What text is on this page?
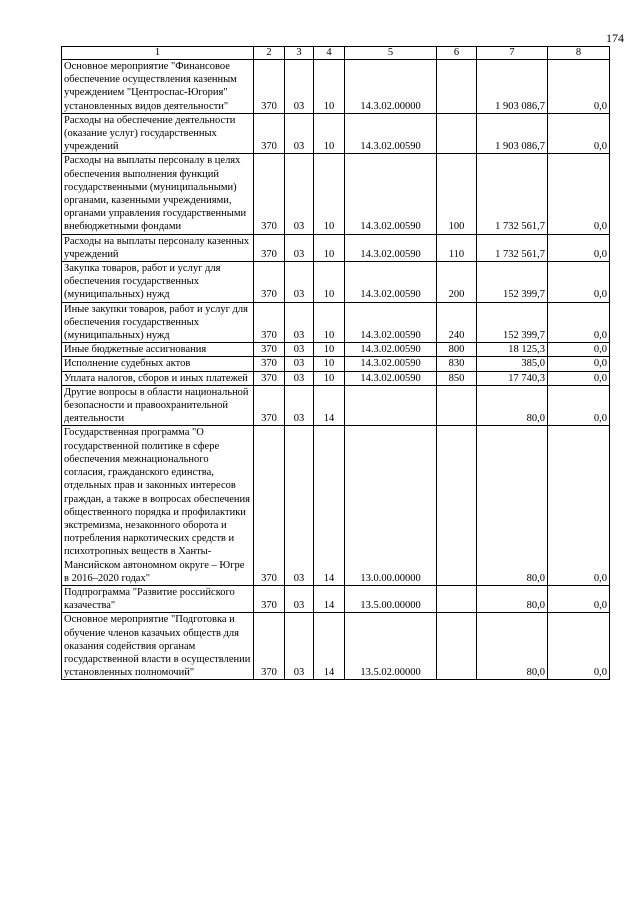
174
1	2	3	4	5	6	7	8
Основное мероприятие "Финансовое обеспечение осуществления казенным учреждением "Центроспас-Югория" установленных видов деятельности"	370	03	10	14.3.02.00000		1 903 086,7	0,0
Расходы на обеспечение деятельности (оказание услуг) государственных учреждений	370	03	10	14.3.02.00590		1 903 086,7	0,0
Расходы на выплаты персоналу в целях обеспечения выполнения функций государственными (муниципальными) органами, казенными учреждениями, органами управления государственными внебюджетными фондами	370	03	10	14.3.02.00590	100	1 732 561,7	0,0
Расходы на выплаты персоналу казенных учреждений	370	03	10	14.3.02.00590	110	1 732 561,7	0,0
Закупка товаров, работ и услуг для обеспечения государственных (муниципальных) нужд	370	03	10	14.3.02.00590	200	152 399,7	0,0
Иные закупки товаров, работ и услуг для обеспечения государственных (муниципальных) нужд	370	03	10	14.3.02.00590	240	152 399,7	0,0
Иные бюджетные ассигнования	370	03	10	14.3.02.00590	800	18 125,3	0,0
Исполнение судебных актов	370	03	10	14.3.02.00590	830	385,0	0,0
Уплата налогов, сборов и иных платежей	370	03	10	14.3.02.00590	850	17 740,3	0,0
Другие вопросы в области национальной безопасности и правоохранительной деятельности	370	03	14			80,0	0,0
Государственная программа "О государственной политике в сфере обеспечения межнационального согласия, гражданского единства, отдельных прав и законных интересов граждан, а также в вопросах обеспечения общественного порядка и профилактики экстремизма, незаконного оборота и потребления наркотических средств и психотропных веществ в Ханты-Мансийском автономном округе – Югре в 2016–2020 годах"	370	03	14	13.0.00.00000		80,0	0,0
Подпрограмма "Развитие российского казачества"	370	03	14	13.5.00.00000		80,0	0,0
Основное мероприятие "Подготовка и обучение членов казачьих обществ для оказания содействия органам государственной власти в осуществлении установленных полномочий"	370	03	14	13.5.02.00000		80,0	0,0
